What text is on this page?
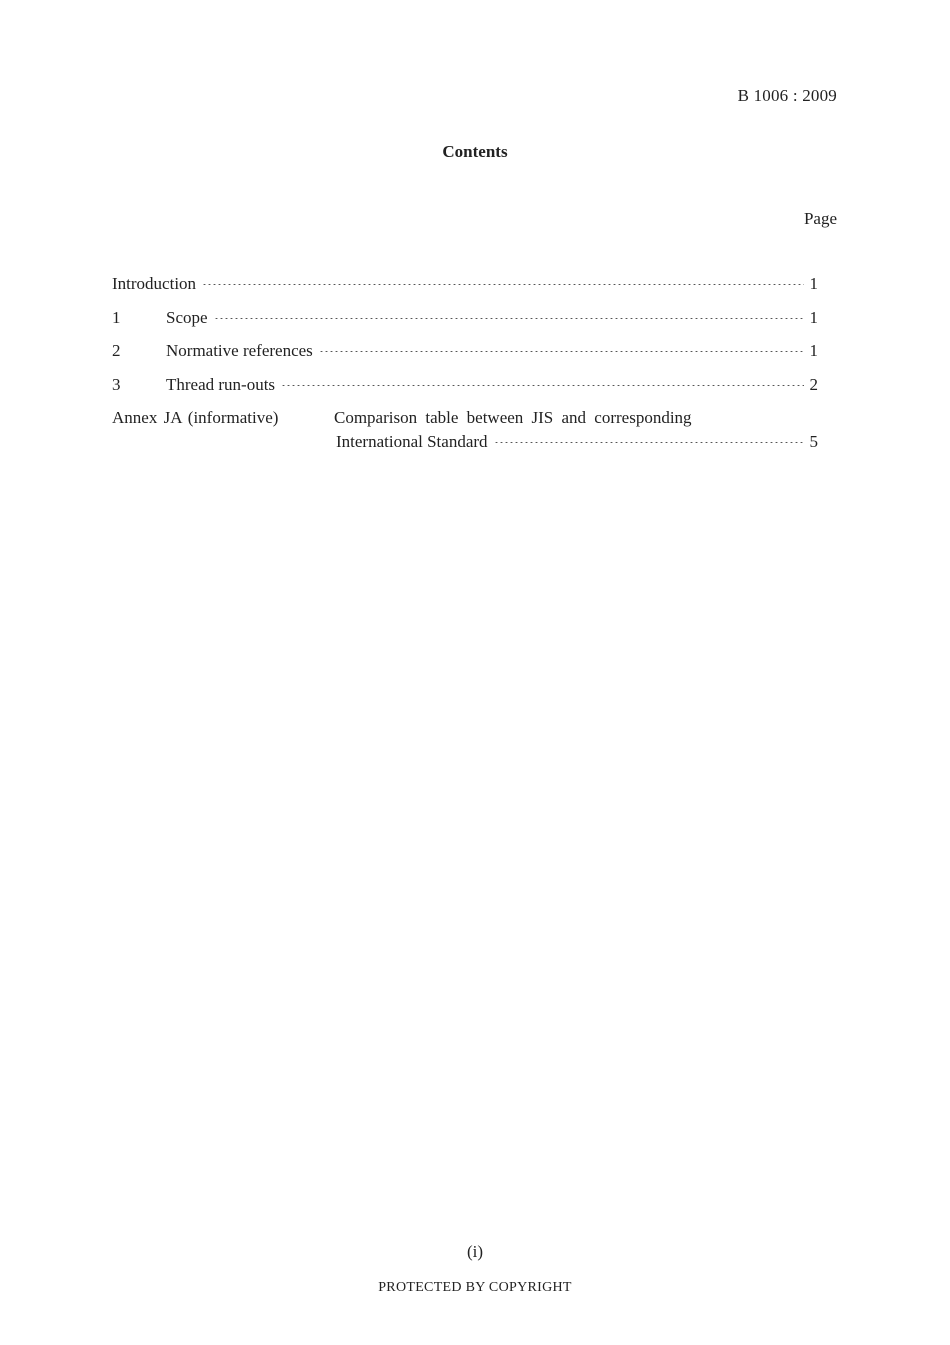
B 1006 : 2009
Contents
Page
Introduction	1
1	Scope	1
2	Normative references	1
3	Thread run-outs	2
Annex JA (informative)	Comparison table between JIS and corresponding
International Standard	5
(i)
PROTECTED BY COPYRIGHT
